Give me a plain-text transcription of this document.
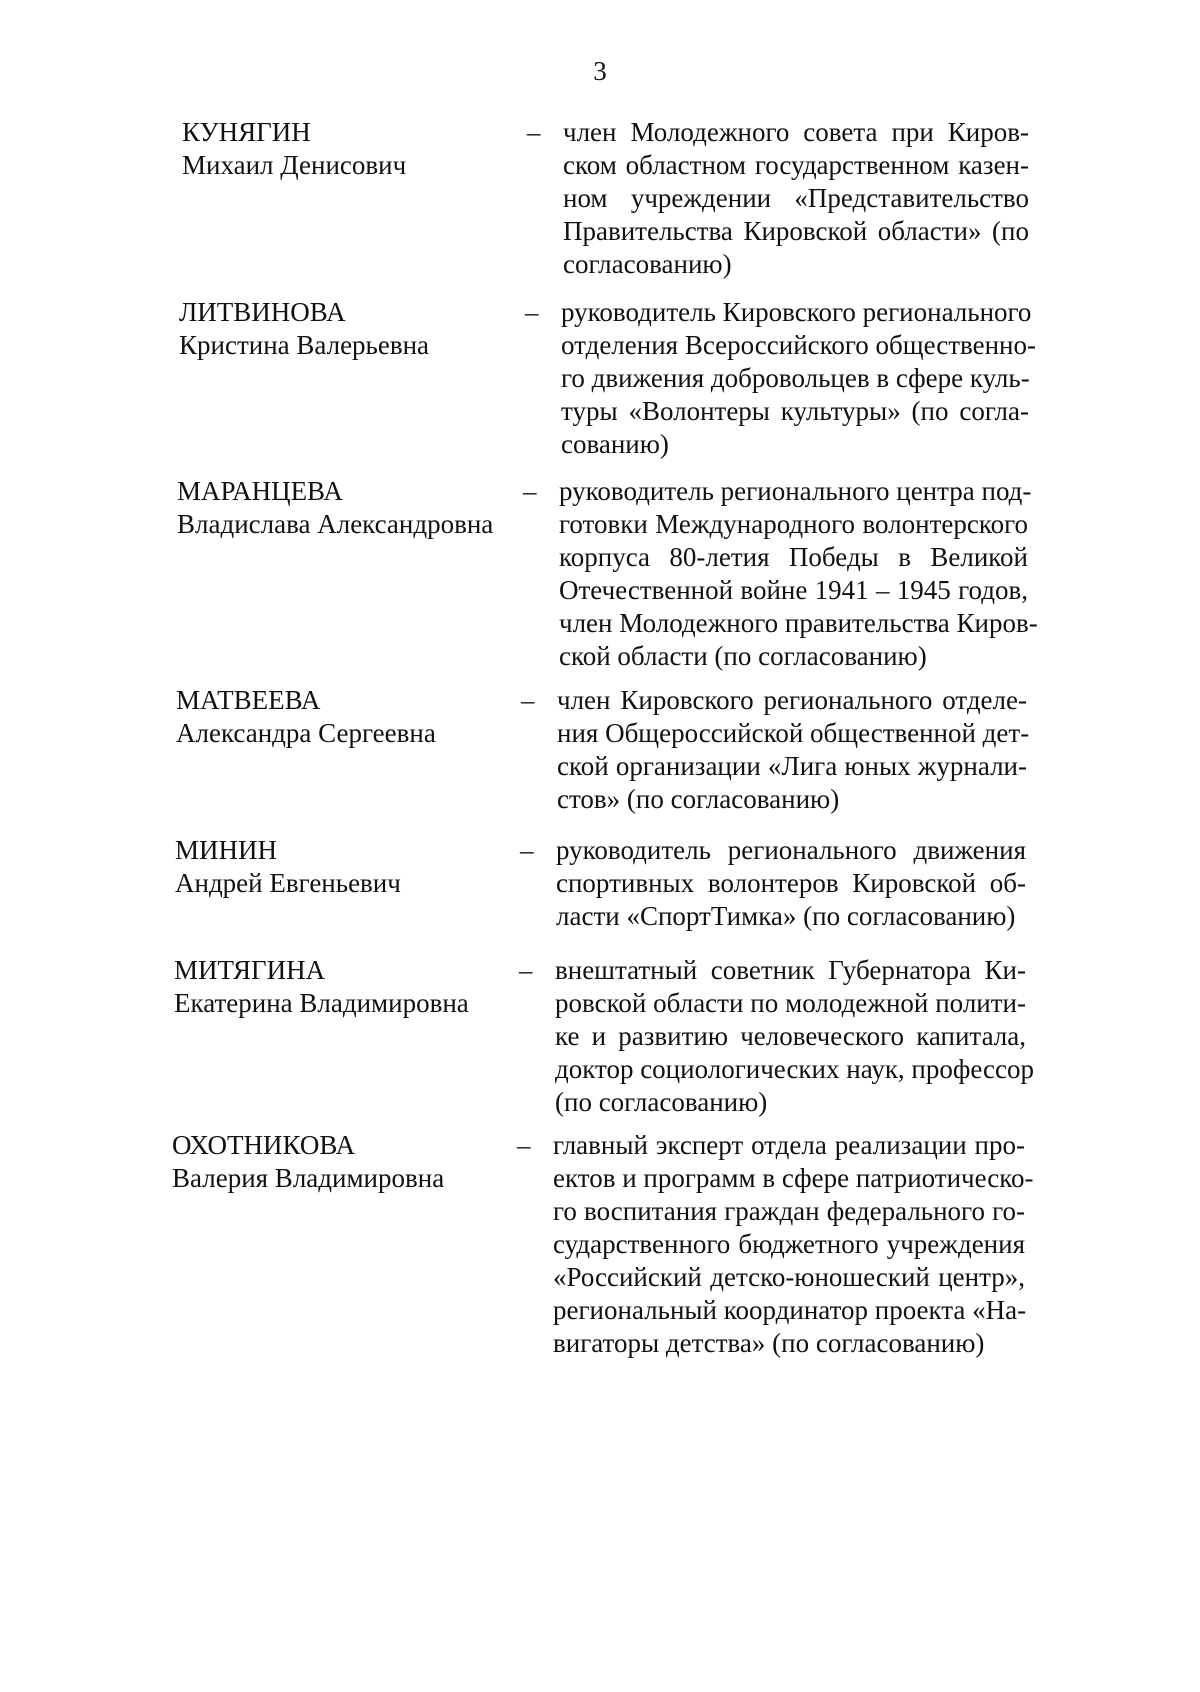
3
КУНЯГИН
Михаил Денисович
– член Молодежного совета при Киров-
ском областном государственном казен-
ном учреждении «Представительство
Правительства Кировской области» (по
согласованию)
ЛИТВИНОВА
Кристина Валерьевна
– руководитель Кировского регионального
отделения Всероссийского общественно-
го движения добровольцев в сфере куль-
туры «Волонтеры культуры» (по согла-
сованию)
МАРАНЦЕВА
Владислава Александровна
– руководитель регионального центра под-
готовки Международного волонтерского
корпуса 80-летия Победы в Великой
Отечественной войне 1941 – 1945 годов,
член Молодежного правительства Киров-
ской области (по согласованию)
МАТВЕЕВА
Александра Сергеевна
– член Кировского регионального отделе-
ния Общероссийской общественной дет-
ской организации «Лига юных журнали-
стов» (по согласованию)
МИНИН
Андрей Евгеньевич
– руководитель регионального движения
спортивных волонтеров Кировской об-
ласти «СпортТимка» (по согласованию)
МИТЯГИНА
Екатерина Владимировна
– внештатный советник Губернатора Ки-
ровской области по молодежной полити-
ке и развитию человеческого капитала,
доктор социологических наук, профессор
(по согласованию)
ОХОТНИКОВА
Валерия Владимировна
– главный эксперт отдела реализации про-
ектов и программ в сфере патриотическо-
го воспитания граждан федерального го-
сударственного бюджетного учреждения
«Российский детско-юношеский центр»,
региональный координатор проекта «На-
вигаторы детства» (по согласованию)
